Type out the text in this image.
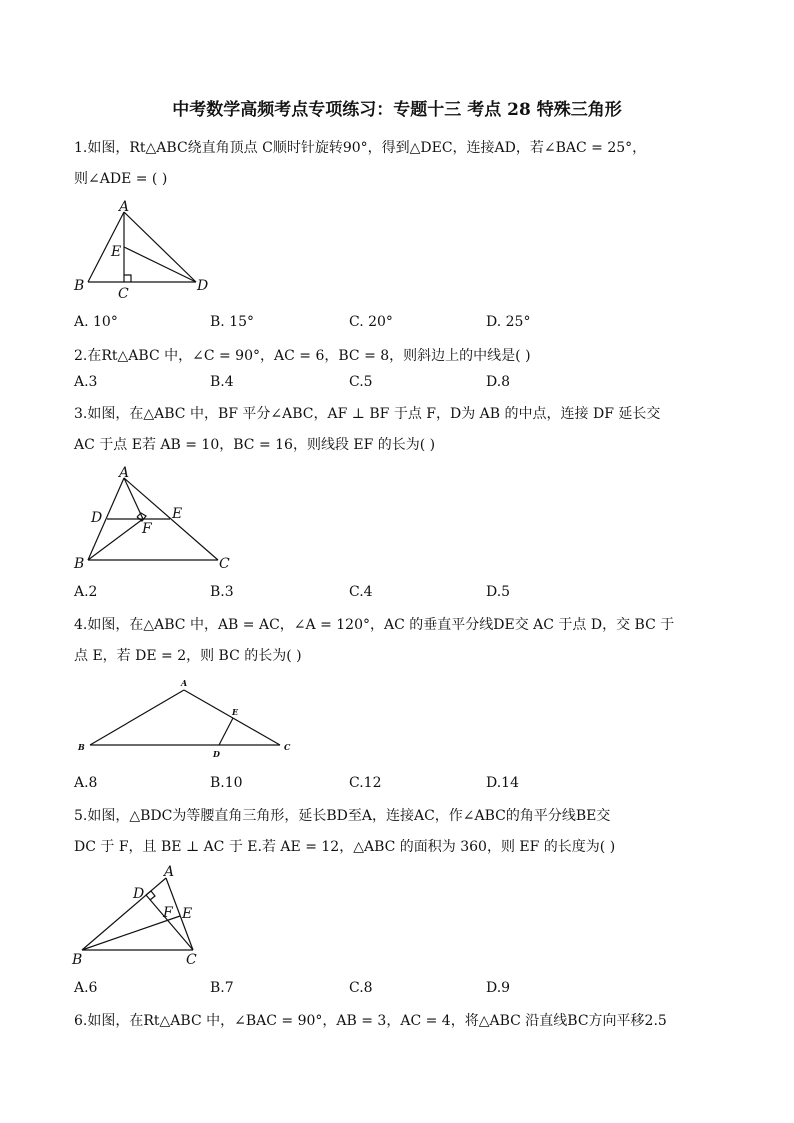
中考数学高频考点专项练习：专题十三 考点 28 特殊三角形
1.如图，Rt△ABC绕直角顶点 C顺时针旋转90°，得到△DEC，连接AD，若∠BAC = 25°，
则∠ADE = ( )
A
E
B C	D
A. 10°	B. 15°	C. 20°	D. 25°
2.在Rt△ABC 中，∠C = 90°，AC = 6，BC = 8，则斜边上的中线是( )
A.3	B.4	C.5	D.8
3.如图，在△ABC 中，BF 平分∠ABC，AF ⊥ BF 于点 F，D为 AB 的中点，连接 DF 延长交
AC 于点 E若 AB = 10，BC = 16，则线段 EF 的长为( )
A
D	E
F
B	C
A.2	B.3	C.4	D.5
4.如图，在△ABC 中，AB = AC，∠A = 120°，AC 的垂直平分线DE交 AC 于点 D，交 BC 于
点 E，若 DE = 2，则 BC 的长为( )
A
E
B
D
C
A.8	B.10	C.12	D.14
5.如图，△BDC为等腰直角三角形，延长BD至A，连接AC，作∠ABC的角平分线BE交
DC 于 F，且 BE ⊥ AC 于 E.若 AE = 12，△ABC 的面积为 360，则 EF 的长度为( )
A
D
F E
B	C
A.6	B.7	C.8	D.9
6.如图，在Rt△ABC 中，∠BAC = 90°，AB = 3，AC = 4，将△ABC 沿直线BC方向平移2.5
